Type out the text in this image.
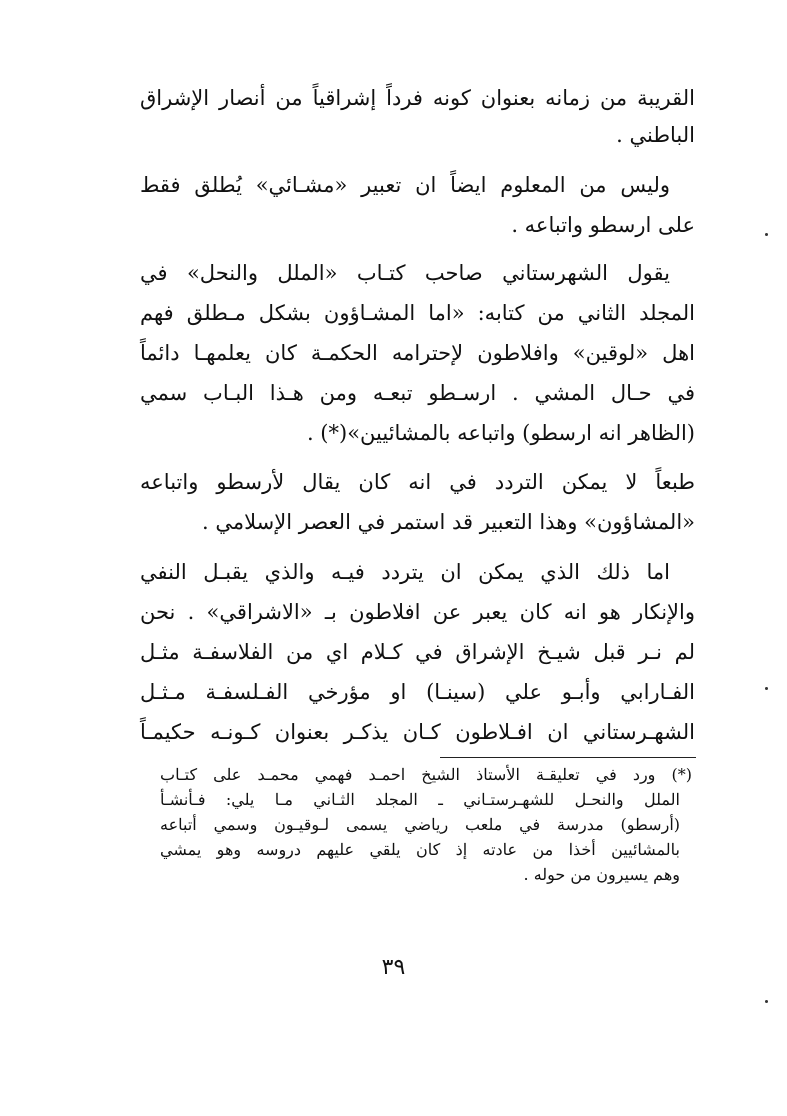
القريبة من زمانه بعنوان كونه فرداً إشراقياً من أنصار الإشراق
الباطني .
وليس من المعلوم ايضاً ان تعبير «مشـائي» يُطلق فقط
على ارسطو واتباعه .
يقول الشهرستاني صاحب كتـاب «الملل والنحل» في
المجلد الثاني من كتابه: «اما المشـاؤون بشكل مـطلق فهم
اهل «لوقين» وافلاطون لإحترامه الحكمـة كان يعلمهـا دائماً
في حـال المشي . ارسـطو تبعـه ومن هـذا البـاب سمي
(الظاهر انه ارسطو) واتباعه بالمشائيين»(*) .
طبعاً لا يمكن التردد في انه كان يقال لأرسطو واتباعه
«المشاؤون» وهذا التعبير قد استمر في العصر الإسلامي .
اما ذلك الذي يمكن ان يتردد فيـه والذي يقبـل النفي
والإنكار هو انه كان يعبر عن افلاطون بـ «الاشراقي» . نحن
لم نـر قبل شيـخ الإشراق في كـلام اي من الفلاسفـة مثـل
الفـارابي وأبـو علي (سينـا) او مؤرخي الفـلسفـة مـثـل
الشهـرستاني ان افـلاطون كـان يذكـر بعنوان كـونـه حكيمـاً
(*) ورد في تعليقـة الأستاذ الشيخ احمـد فهمي محمـد على كتـاب
الملل والنحـل للشهـرستـاني ـ المجلد الثـاني مـا يلي: فـأنشـأ
(أرسطو) مدرسة في ملعب رياضي يسمى لـوقيـون وسمي أتباعه
بالمشائيين أخذا من عادته إذ كان يلقي عليهم دروسه وهو يمشي
وهم يسيرون من حوله .
٣٩
